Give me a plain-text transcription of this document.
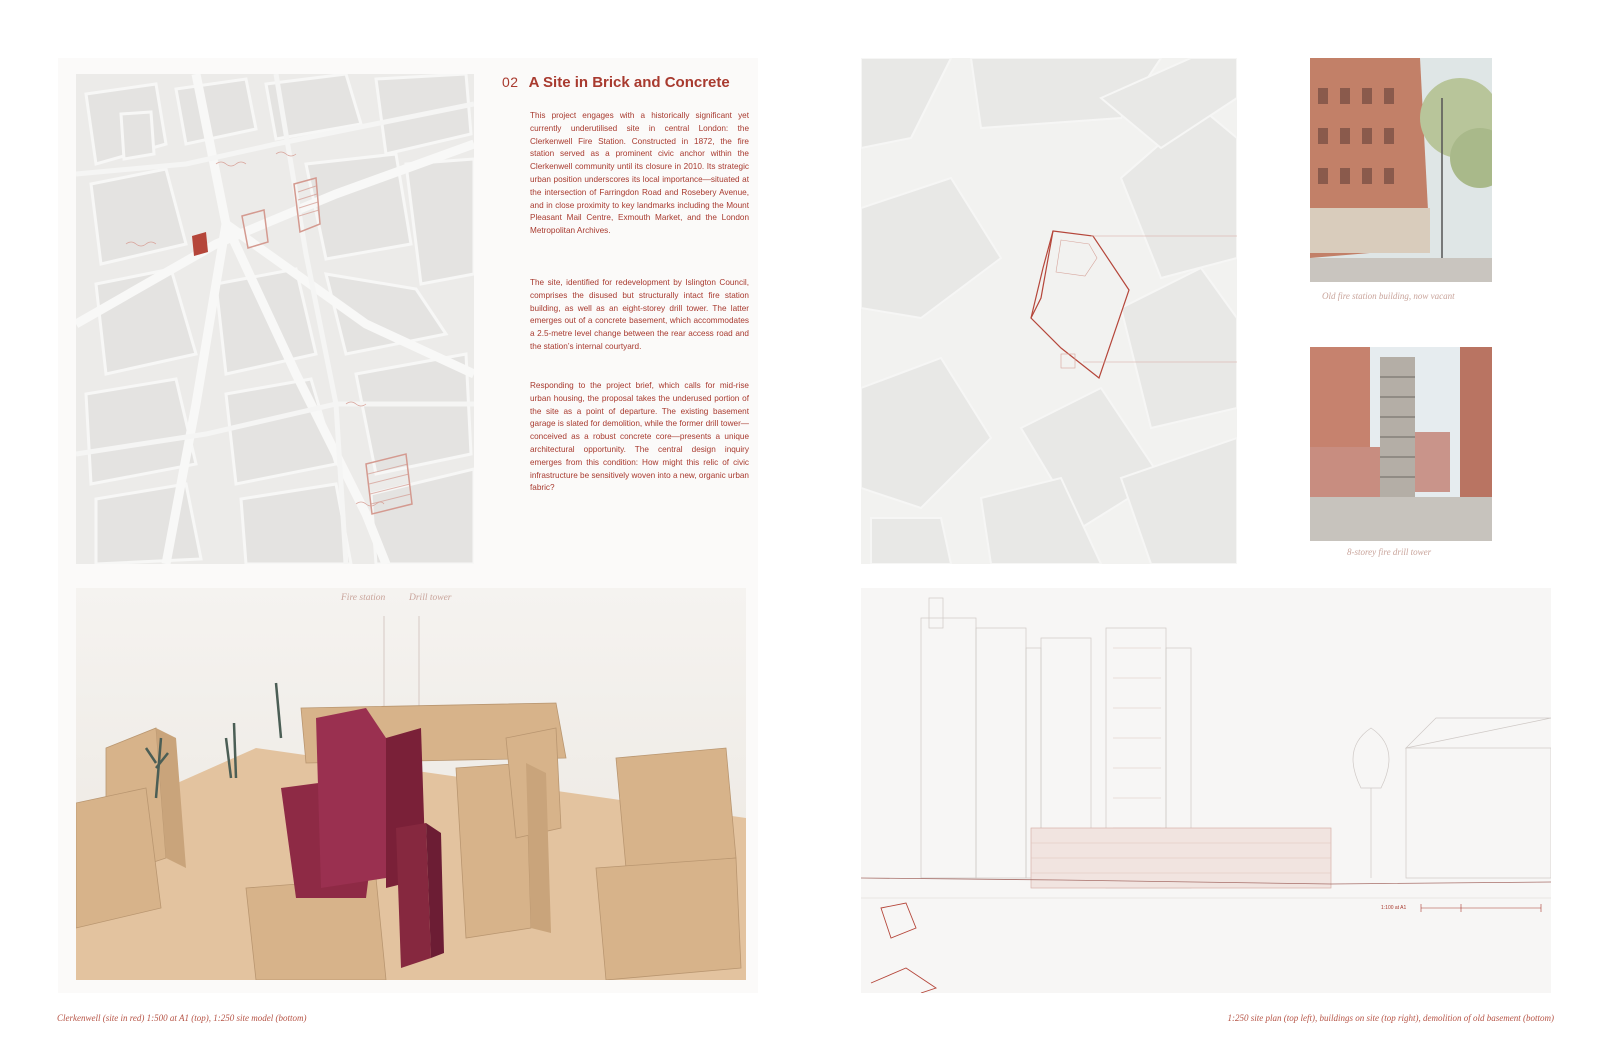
02 A Site in Brick and Concrete

This project engages with a historically significant yet currently underutilised site in central London: the Clerkenwell Fire Station. Constructed in 1872, the fire station served as a prominent civic anchor within the Clerkenwell community until its closure in 2010. Its strategic urban position underscores its local importance—situated at the intersection of Farringdon Road and Rosebery Avenue, and in close proximity to key landmarks including the Mount Pleasant Mail Centre, Exmouth Market, and the London Metropolitan Archives.

The site, identified for redevelopment by Islington Council, comprises the disused but structurally intact fire station building, as well as an eight-storey drill tower. The latter emerges out of a concrete basement, which accommodates a 2.5-metre level change between the rear access road and the station’s internal courtyard.

Responding to the project brief, which calls for mid-rise urban housing, the proposal takes the underused portion of the site as a point of departure. The existing basement garage is slated for demolition, while the former drill tower—conceived as a robust concrete core—presents a unique architectural opportunity. The central design inquiry emerges from this condition: How might this relic of civic infrastructure be sensitively woven into a new, organic urban fabric?

Fire station	Drill tower
Clerkenwell (site in red) 1:500 at A1 (top), 1:250 site model (bottom)
Old fire station building, now vacant
8-storey fire drill tower
1:100 at A1
1:250 site plan (top left), buildings on site (top right), demolition of old basement (bottom)
